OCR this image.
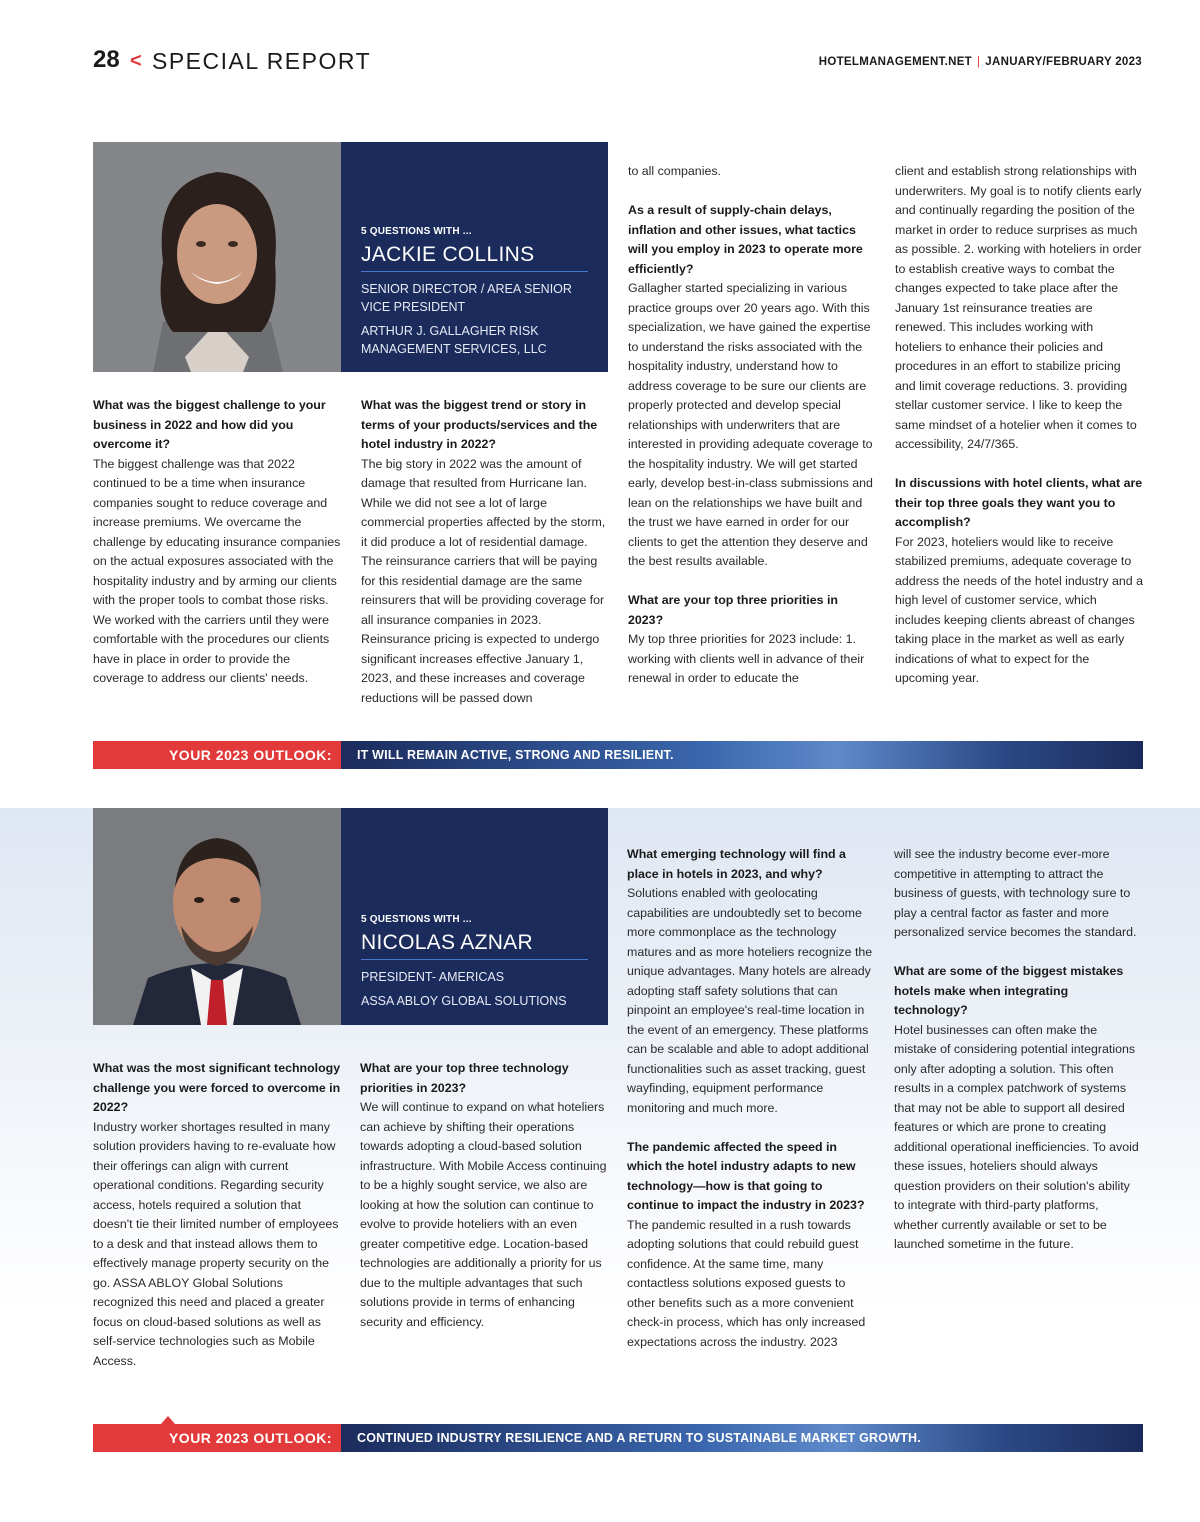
28 < SPECIAL REPORT	HOTELMANAGEMENT.NET | JANUARY/FEBRUARY 2023
5 QUESTIONS WITH ...
JACKIE COLLINS
SENIOR DIRECTOR / AREA SENIOR VICE PRESIDENT
ARTHUR J. GALLAGHER RISK MANAGEMENT SERVICES, LLC
What was the biggest challenge to your business in 2022 and how did you overcome it?

The biggest challenge was that 2022 continued to be a time when insurance companies sought to reduce coverage and increase premiums. We overcame the challenge by educating insurance companies on the actual exposures associated with the hospitality industry and by arming our clients with the proper tools to combat those risks. We worked with the carriers until they were comfortable with the procedures our clients have in place in order to provide the coverage to address our clients' needs.

What was the biggest trend or story in terms of your products/services and the hotel industry in 2022?

The big story in 2022 was the amount of damage that resulted from Hurricane Ian. While we did not see a lot of large commercial properties affected by the storm, it did produce a lot of residential damage. The reinsurance carriers that will be paying for this residential damage are the same reinsurers that will be providing coverage for all insurance companies in 2023. Reinsurance pricing is expected to undergo significant increases effective January 1, 2023, and these increases and coverage reductions will be passed down

to all companies.

As a result of supply-chain delays, inflation and other issues, what tactics will you employ in 2023 to operate more efficiently?

Gallagher started specializing in various practice groups over 20 years ago. With this specialization, we have gained the expertise to understand the risks associated with the hospitality industry, understand how to address coverage to be sure our clients are properly protected and develop special relationships with underwriters that are interested in providing adequate coverage to the hospitality industry. We will get started early, develop best-in-class submissions and lean on the relationships we have built and the trust we have earned in order for our clients to get the attention they deserve and the best results available.

What are your top three priorities in 2023?

My top three priorities for 2023 include: 1. working with clients well in advance of their renewal in order to educate the

client and establish strong relationships with underwriters. My goal is to notify clients early and continually regarding the position of the market in order to reduce surprises as much as possible. 2. working with hoteliers in order to establish creative ways to combat the changes expected to take place after the January 1st reinsurance treaties are renewed. This includes working with hoteliers to enhance their policies and procedures in an effort to stabilize pricing and limit coverage reductions. 3. providing stellar customer service. I like to keep the same mindset of a hotelier when it comes to accessibility, 24/7/365.

In discussions with hotel clients, what are their top three goals they want you to accomplish?

For 2023, hoteliers would like to receive stabilized premiums, adequate coverage to address the needs of the hotel industry and a high level of customer service, which includes keeping clients abreast of changes taking place in the market as well as early indications of what to expect for the upcoming year.

YOUR 2023 OUTLOOK:	IT WILL REMAIN ACTIVE, STRONG AND RESILIENT.
5 QUESTIONS WITH ...
NICOLAS AZNAR
PRESIDENT- AMERICAS
ASSA ABLOY GLOBAL SOLUTIONS
What was the most significant technology challenge you were forced to overcome in 2022?

Industry worker shortages resulted in many solution providers having to re-evaluate how their offerings can align with current operational conditions. Regarding security access, hotels required a solution that doesn't tie their limited number of employees to a desk and that instead allows them to effectively manage property security on the go. ASSA ABLOY Global Solutions recognized this need and placed a greater focus on cloud-based solutions as well as self-service technologies such as Mobile Access.

What are your top three technology priorities in 2023?

We will continue to expand on what hoteliers can achieve by shifting their operations towards adopting a cloud-based solution infrastructure. With Mobile Access continuing to be a highly sought service, we also are looking at how the solution can continue to evolve to provide hoteliers with an even greater competitive edge. Location-based technologies are additionally a priority for us due to the multiple advantages that such solutions provide in terms of enhancing security and efficiency.

What emerging technology will find a place in hotels in 2023, and why?

Solutions enabled with geolocating capabilities are undoubtedly set to become more commonplace as the technology matures and as more hoteliers recognize the unique advantages. Many hotels are already adopting staff safety solutions that can pinpoint an employee's real-time location in the event of an emergency. These platforms can be scalable and able to adopt additional functionalities such as asset tracking, guest wayfinding, equipment performance monitoring and much more.

The pandemic affected the speed in which the hotel industry adapts to new technology—how is that going to continue to impact the industry in 2023?

The pandemic resulted in a rush towards adopting solutions that could rebuild guest confidence. At the same time, many contactless solutions exposed guests to other benefits such as a more convenient check-in process, which has only increased expectations across the industry. 2023

will see the industry become ever-more competitive in attempting to attract the business of guests, with technology sure to play a central factor as faster and more personalized service becomes the standard.

What are some of the biggest mistakes hotels make when integrating technology?

Hotel businesses can often make the mistake of considering potential integrations only after adopting a solution. This often results in a complex patchwork of systems that may not be able to support all desired features or which are prone to creating additional operational inefficiencies. To avoid these issues, hoteliers should always question providers on their solution's ability to integrate with third-party platforms, whether currently available or set to be launched sometime in the future.

YOUR 2023 OUTLOOK:	CONTINUED INDUSTRY RESILIENCE AND A RETURN TO SUSTAINABLE MARKET GROWTH.
